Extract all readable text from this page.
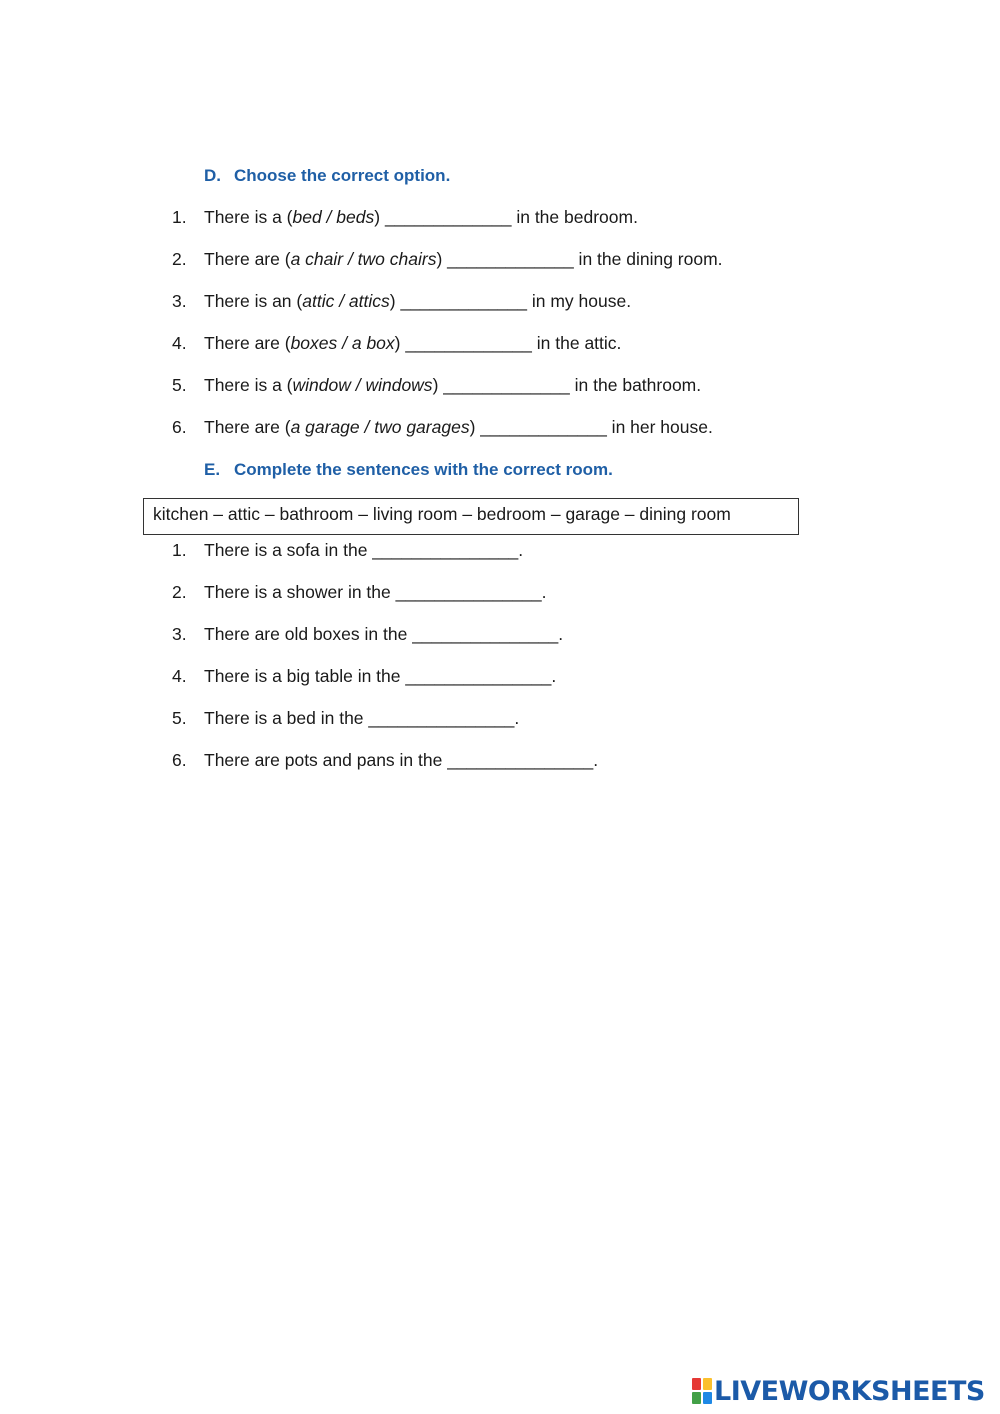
D. Choose the correct option.
1. There is a (bed / beds) _____________ in the bedroom.
2. There are (a chair / two chairs) _____________ in the dining room.
3. There is an (attic / attics) _____________ in my house.
4. There are (boxes / a box) _____________ in the attic.
5. There is a (window / windows) _____________ in the bathroom.
6. There are (a garage / two garages) _____________ in her house.
E. Complete the sentences with the correct room.
kitchen – attic – bathroom – living room – bedroom – garage – dining room
1. There is a sofa in the _______________.
2. There is a shower in the _______________.
3. There are old boxes in the _______________.
4. There is a big table in the _______________.
5. There is a bed in the _______________.
6. There are pots and pans in the _______________.
LIVEWORKSHEETS
